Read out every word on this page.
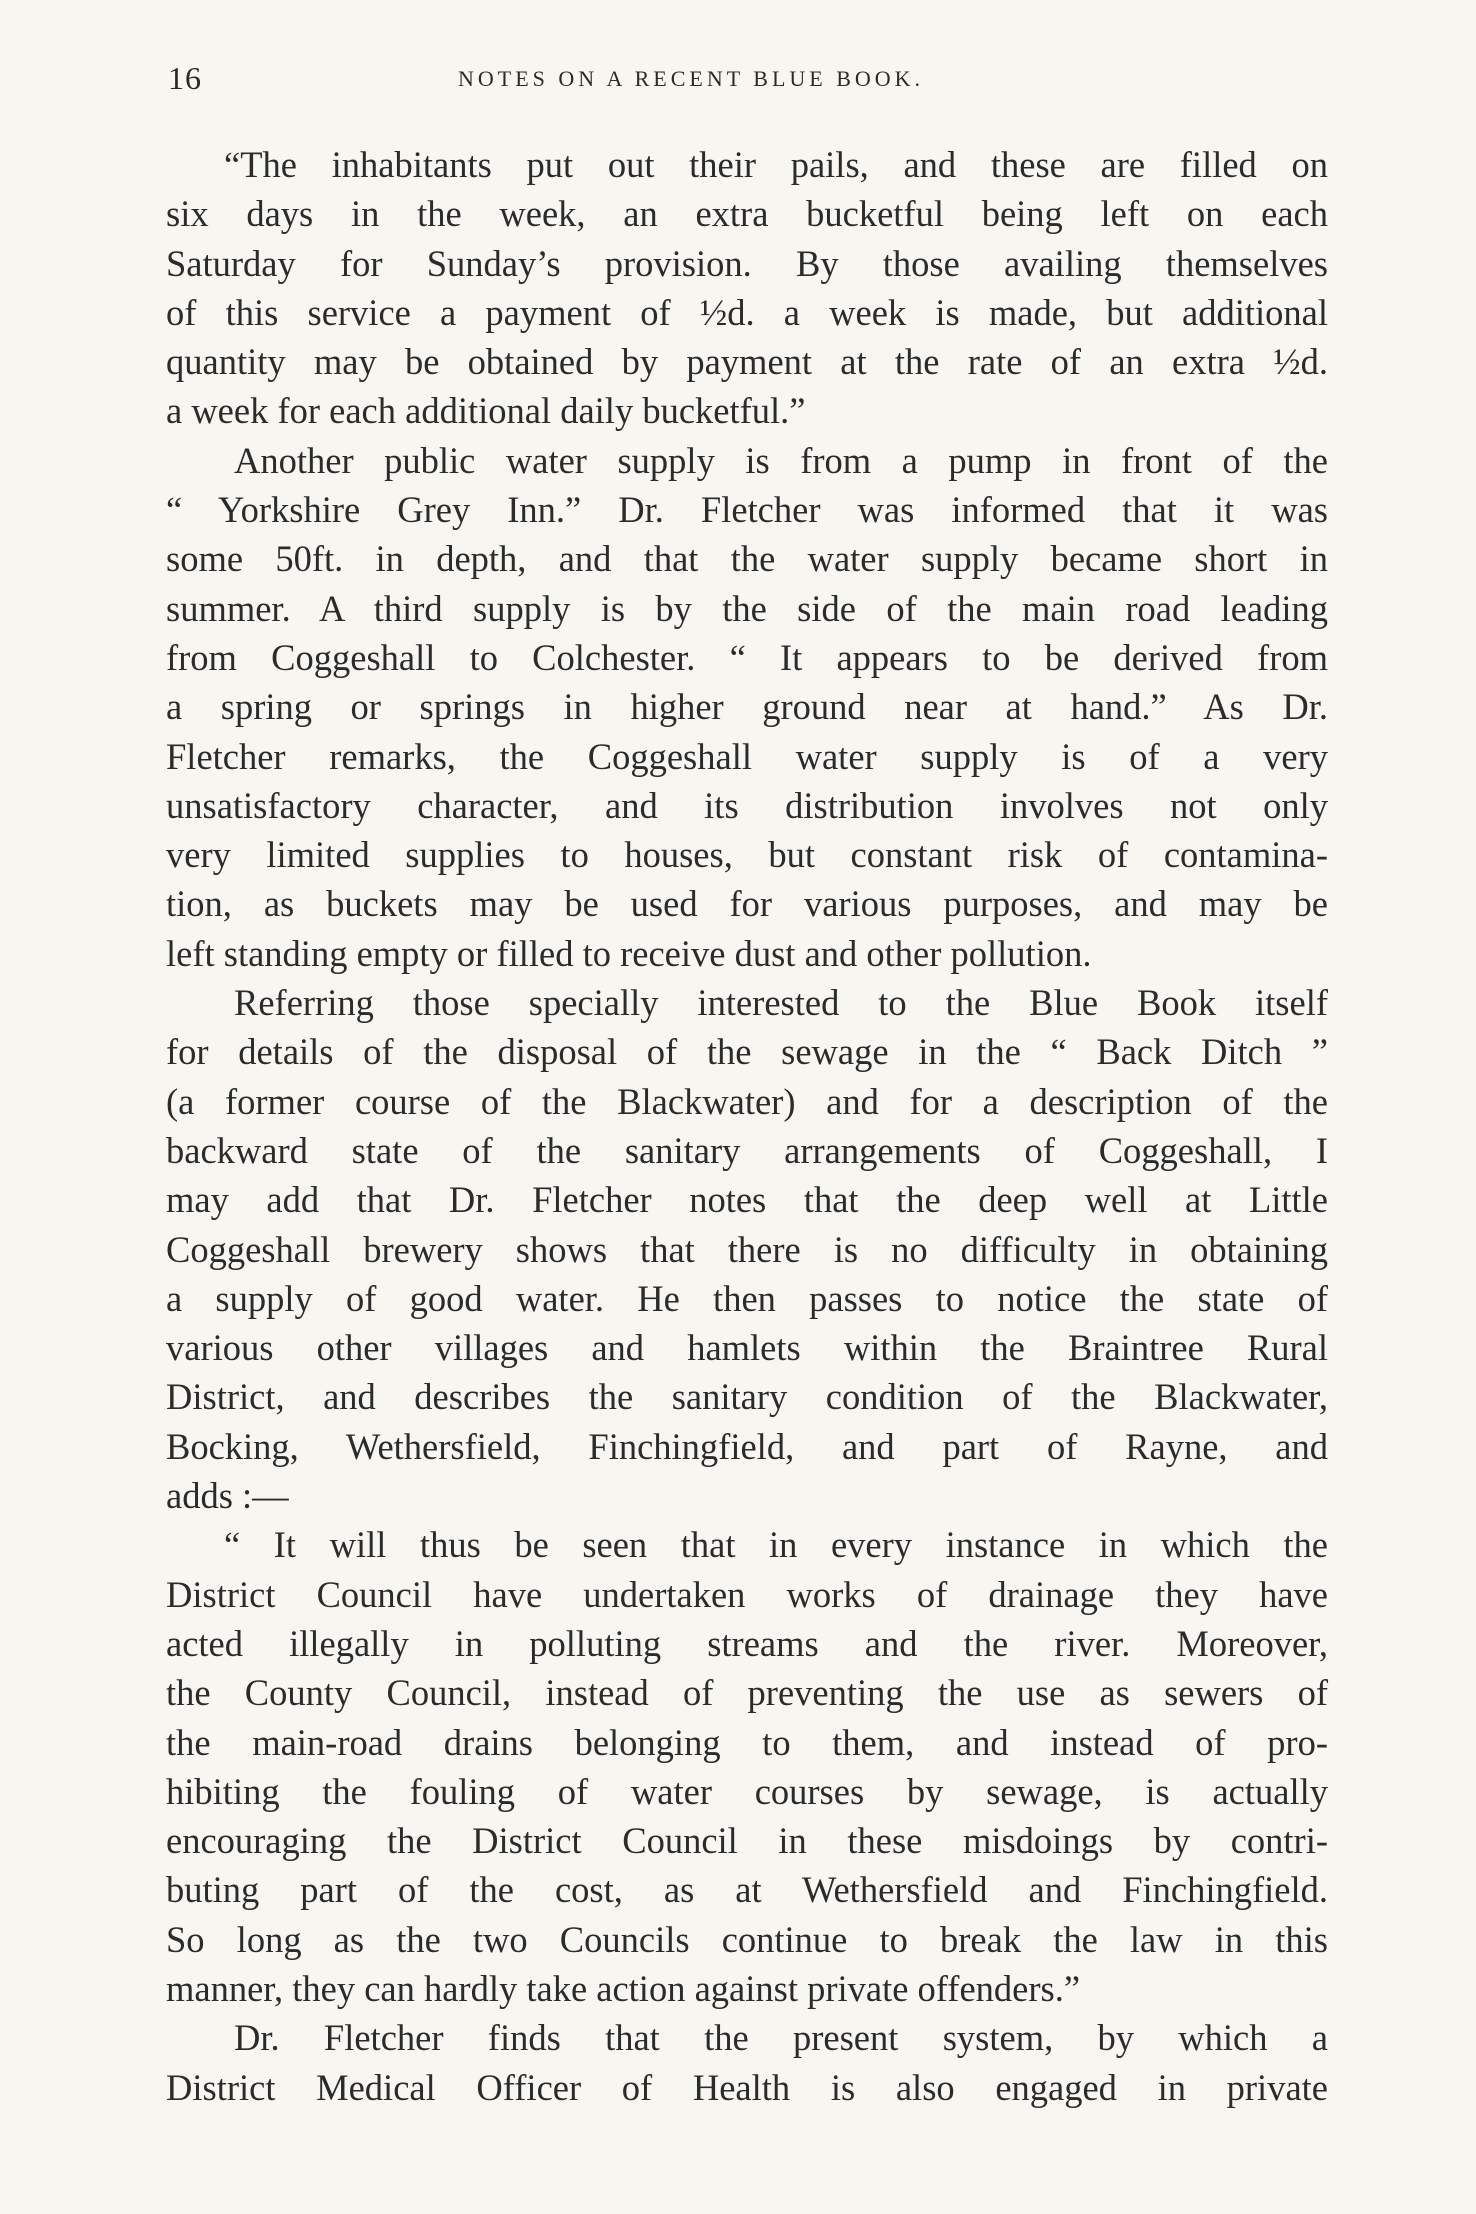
16	NOTES ON A RECENT BLUE BOOK.
“The inhabitants put out their pails, and these are filled on
six days in the week, an extra bucketful being left on each
Saturday for Sunday’s provision. By those availing themselves
of this service a payment of ½d. a week is made, but additional
quantity may be obtained by payment at the rate of an extra ½d.
a week for each additional daily bucketful.”
Another public water supply is from a pump in front of the
“ Yorkshire Grey Inn.” Dr. Fletcher was informed that it was
some 50ft. in depth, and that the water supply became short in
summer. A third supply is by the side of the main road leading
from Coggeshall to Colchester. “ It appears to be derived from
a spring or springs in higher ground near at hand.” As Dr.
Fletcher remarks, the Coggeshall water supply is of a very
unsatisfactory character, and its distribution involves not only
very limited supplies to houses, but constant risk of contamina-
tion, as buckets may be used for various purposes, and may be
left standing empty or filled to receive dust and other pollution.
Referring those specially interested to the Blue Book itself
for details of the disposal of the sewage in the “ Back Ditch ”
(a former course of the Blackwater) and for a description of the
backward state of the sanitary arrangements of Coggeshall, I
may add that Dr. Fletcher notes that the deep well at Little
Coggeshall brewery shows that there is no difficulty in obtaining
a supply of good water. He then passes to notice the state of
various other villages and hamlets within the Braintree Rural
District, and describes the sanitary condition of the Blackwater,
Bocking, Wethersfield, Finchingfield, and part of Rayne, and
adds :—
“ It will thus be seen that in every instance in which the
District Council have undertaken works of drainage they have
acted illegally in polluting streams and the river. Moreover,
the County Council, instead of preventing the use as sewers of
the main-road drains belonging to them, and instead of pro-
hibiting the fouling of water courses by sewage, is actually
encouraging the District Council in these misdoings by contri-
buting part of the cost, as at Wethersfield and Finchingfield.
So long as the two Councils continue to break the law in this
manner, they can hardly take action against private offenders.”
Dr. Fletcher finds that the present system, by which a
District Medical Officer of Health is also engaged in private
